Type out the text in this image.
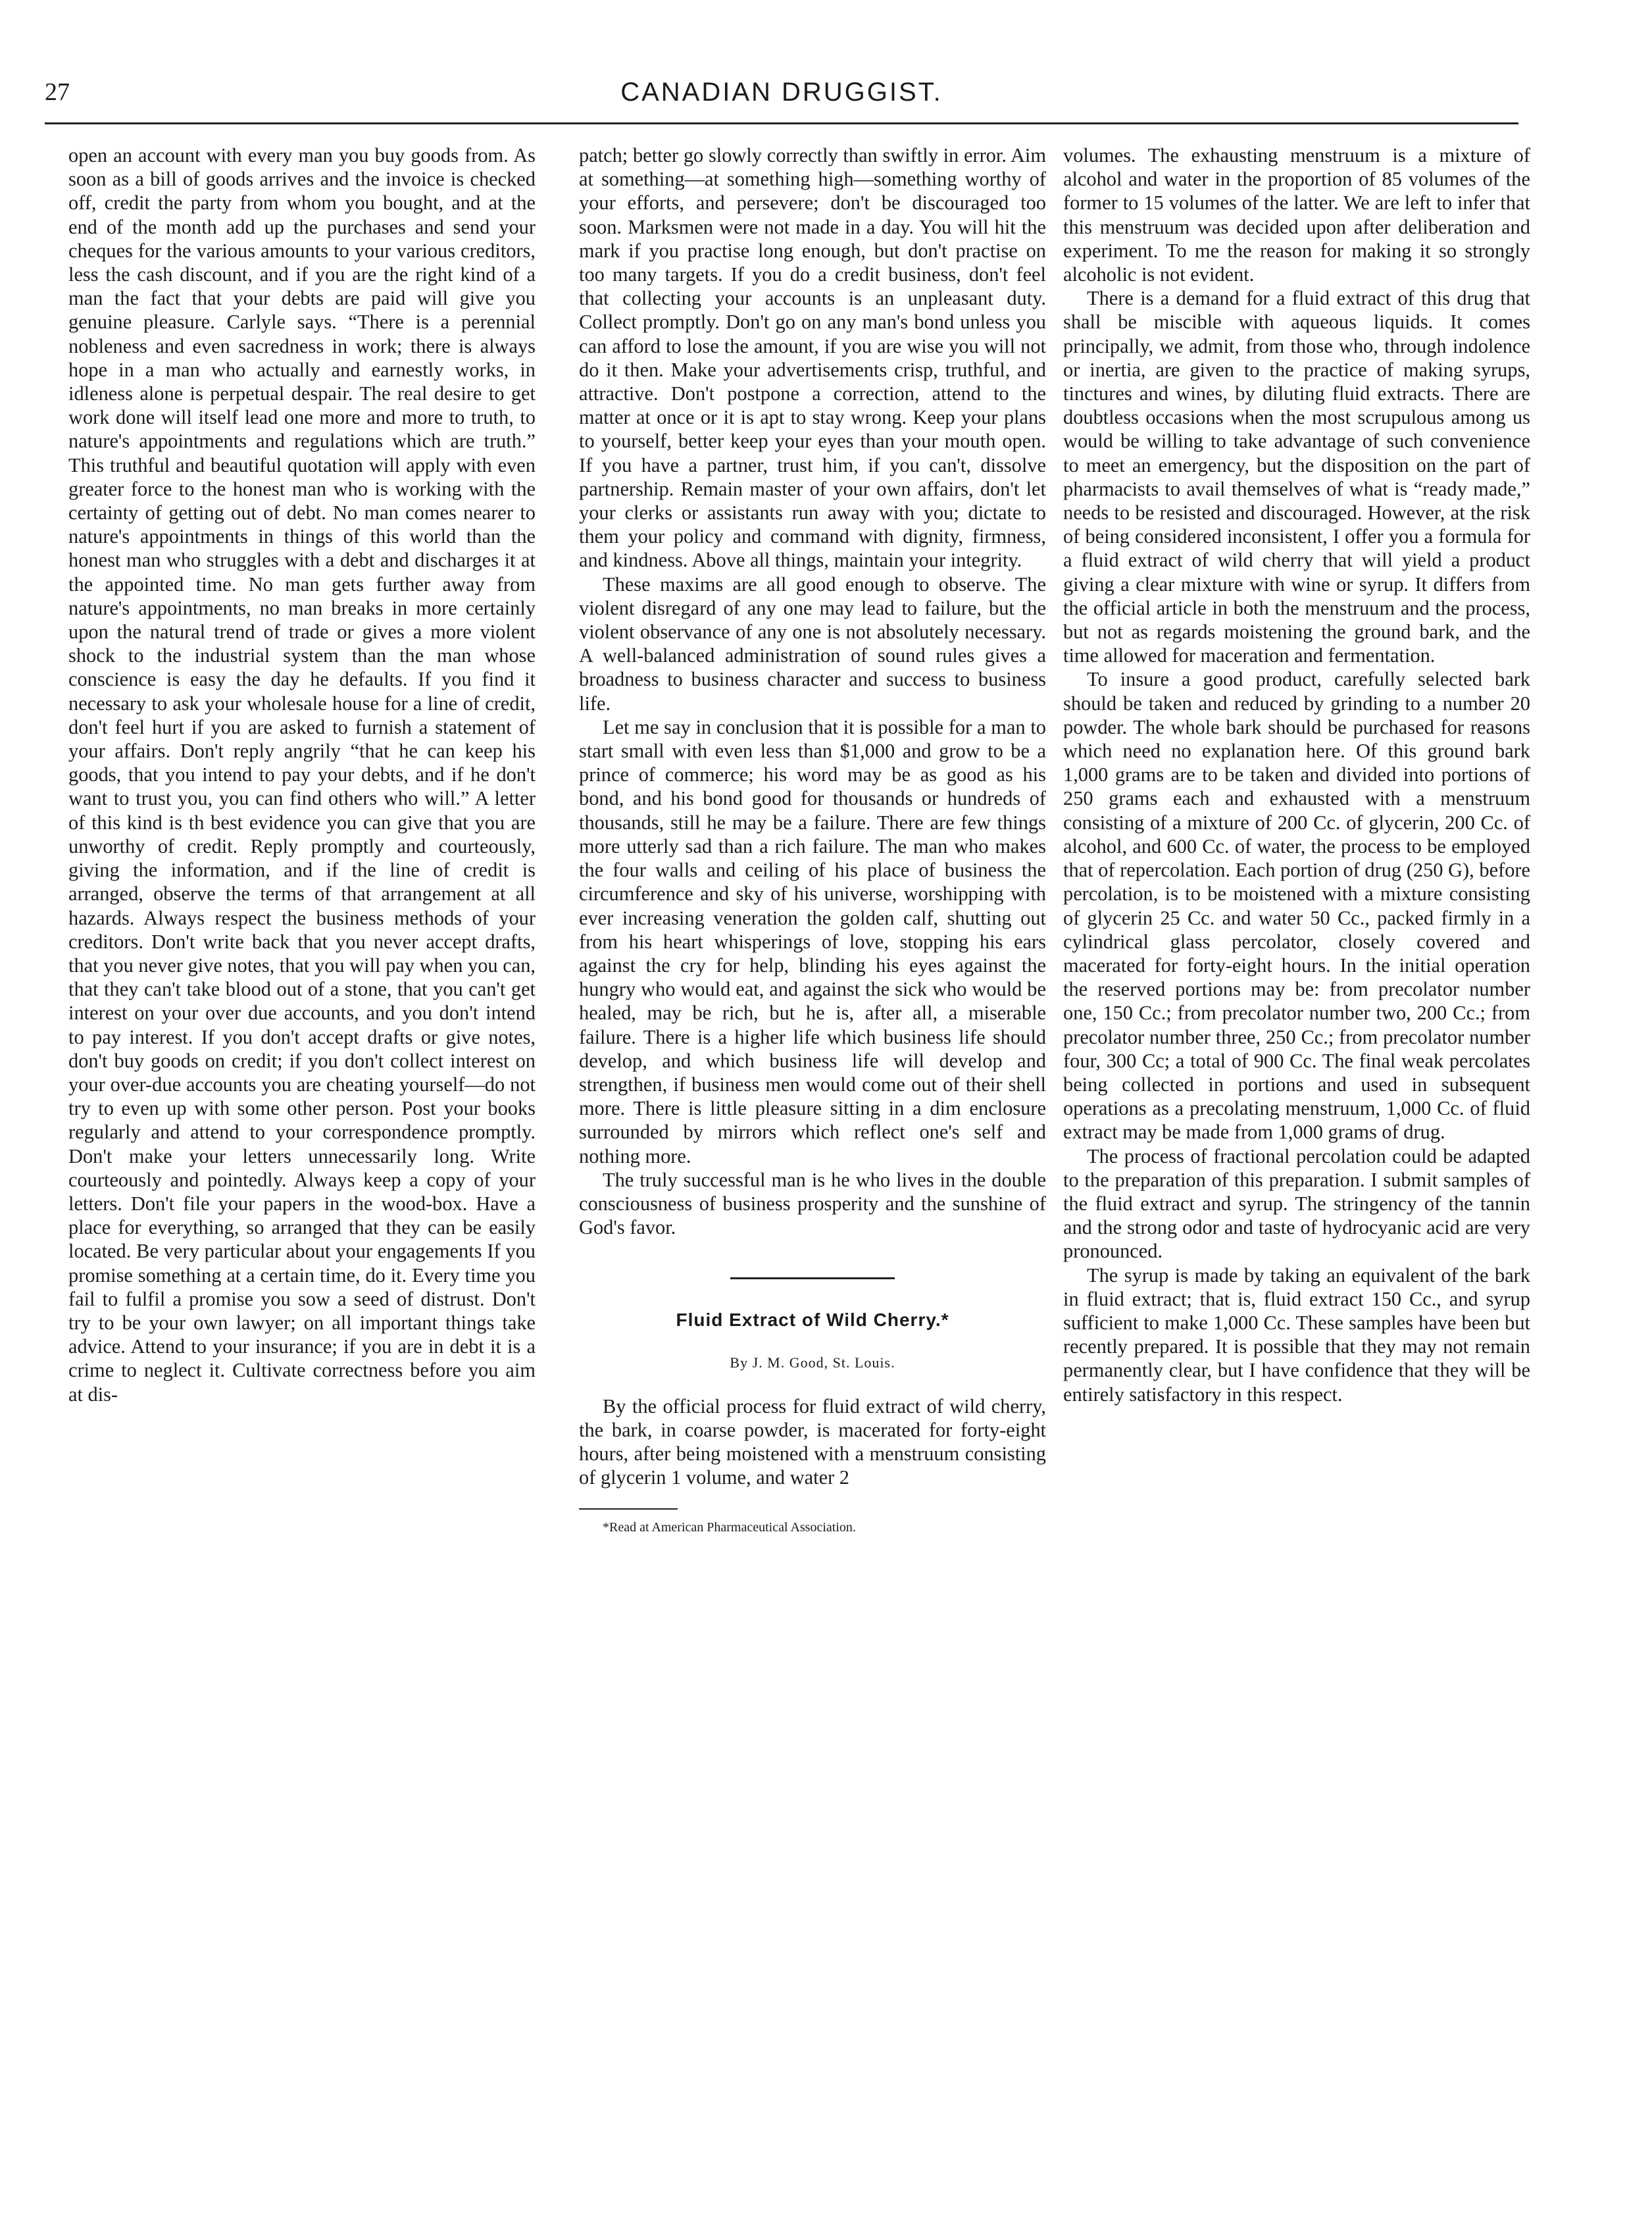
27	CANADIAN DRUGGIST.

open an account with every man you buy goods from. As soon as a bill of goods arrives and the invoice is checked off, credit the party from whom you bought, and at the end of the month add up the purchases and send your cheques for the various amounts to your various creditors, less the cash discount, and if you are the right kind of a man the fact that your debts are paid will give you genuine pleasure. Carlyle says. “There is a perennial nobleness and even sacredness in work; there is always hope in a man who actually and earnestly works, in idleness alone is perpetual despair. The real desire to get work done will itself lead one more and more to truth, to nature's appointments and regulations which are truth.” This truthful and beautiful quotation will apply with even greater force to the honest man who is working with the certainty of getting out of debt. No man comes nearer to nature's appointments in things of this world than the honest man who struggles with a debt and discharges it at the appointed time. No man gets further away from nature's appointments, no man breaks in more certainly upon the natural trend of trade or gives a more violent shock to the industrial system than the man whose conscience is easy the day he defaults. If you find it necessary to ask your wholesale house for a line of credit, don't feel hurt if you are asked to furnish a statement of your affairs. Don't reply angrily “that he can keep his goods, that you intend to pay your debts, and if he don't want to trust you, you can find others who will.” A letter of this kind is th best evidence you can give that you are unworthy of credit. Reply promptly and courteously, giving the information, and if the line of credit is arranged, observe the terms of that arrangement at all hazards. Always respect the business methods of your creditors. Don't write back that you never accept drafts, that you never give notes, that you will pay when you can, that they can't take blood out of a stone, that you can't get interest on your over due accounts, and you don't intend to pay interest. If you don't accept drafts or give notes, don't buy goods on credit; if you don't collect interest on your over-due accounts you are cheating yourself—do not try to even up with some other person. Post your books regularly and attend to your correspondence promptly. Don't make your letters unnecessarily long. Write courteously and pointedly. Always keep a copy of your letters. Don't file your papers in the wood-box. Have a place for everything, so arranged that they can be easily located. Be very particular about your engagements If you promise something at a certain time, do it. Every time you fail to fulfil a promise you sow a seed of distrust. Don't try to be your own lawyer; on all important things take advice. Attend to your insurance; if you are in debt it is a crime to neglect it. Cultivate correctness before you aim at dis-

patch; better go slowly correctly than swiftly in error. Aim at something—at something high—something worthy of your efforts, and persevere; don't be discouraged too soon. Marksmen were not made in a day. You will hit the mark if you practise long enough, but don't practise on too many targets. If you do a credit business, don't feel that collecting your accounts is an unpleasant duty. Collect promptly. Don't go on any man's bond unless you can afford to lose the amount, if you are wise you will not do it then. Make your advertisements crisp, truthful, and attractive. Don't postpone a correction, attend to the matter at once or it is apt to stay wrong. Keep your plans to yourself, better keep your eyes than your mouth open. If you have a partner, trust him, if you can't, dissolve partnership. Remain master of your own affairs, don't let your clerks or assistants run away with you; dictate to them your policy and command with dignity, firmness, and kindness. Above all things, maintain your integrity.

These maxims are all good enough to observe. The violent disregard of any one may lead to failure, but the violent observance of any one is not absolutely necessary. A well-balanced administration of sound rules gives a broadness to business character and success to business life.

Let me say in conclusion that it is possible for a man to start small with even less than $1,000 and grow to be a prince of commerce; his word may be as good as his bond, and his bond good for thousands or hundreds of thousands, still he may be a failure. There are few things more utterly sad than a rich failure. The man who makes the four walls and ceiling of his place of business the circumference and sky of his universe, worshipping with ever increasing veneration the golden calf, shutting out from his heart whisperings of love, stopping his ears against the cry for help, blinding his eyes against the hungry who would eat, and against the sick who would be healed, may be rich, but he is, after all, a miserable failure. There is a higher life which business life should develop, and which business life will develop and strengthen, if business men would come out of their shell more. There is little pleasure sitting in a dim enclosure surrounded by mirrors which reflect one's self and nothing more.

The truly successful man is he who lives in the double consciousness of business prosperity and the sunshine of God's favor.

Fluid Extract of Wild Cherry.*
By J. M. Good, St. Louis.

By the official process for fluid extract of wild cherry, the bark, in coarse powder, is macerated for forty-eight hours, after being moistened with a menstruum consisting of glycerin 1 volume, and water 2

*Read at American Pharmaceutical Association.

volumes. The exhausting menstruum is a mixture of alcohol and water in the proportion of 85 volumes of the former to 15 volumes of the latter. We are left to infer that this menstruum was decided upon after deliberation and experiment. To me the reason for making it so strongly alcoholic is not evident.

There is a demand for a fluid extract of this drug that shall be miscible with aqueous liquids. It comes principally, we admit, from those who, through indolence or inertia, are given to the practice of making syrups, tinctures and wines, by diluting fluid extracts. There are doubtless occasions when the most scrupulous among us would be willing to take advantage of such convenience to meet an emergency, but the disposition on the part of pharmacists to avail themselves of what is “ready made,” needs to be resisted and discouraged. However, at the risk of being considered inconsistent, I offer you a formula for a fluid extract of wild cherry that will yield a product giving a clear mixture with wine or syrup. It differs from the official article in both the menstruum and the process, but not as regards moistening the ground bark, and the time allowed for maceration and fermentation.

To insure a good product, carefully selected bark should be taken and reduced by grinding to a number 20 powder. The whole bark should be purchased for reasons which need no explanation here. Of this ground bark 1,000 grams are to be taken and divided into portions of 250 grams each and exhausted with a menstruum consisting of a mixture of 200 Cc. of glycerin, 200 Cc. of alcohol, and 600 Cc. of water, the process to be employed that of repercolation. Each portion of drug (250 G), before percolation, is to be moistened with a mixture consisting of glycerin 25 Cc. and water 50 Cc., packed firmly in a cylindrical glass percolator, closely covered and macerated for forty-eight hours. In the initial operation the reserved portions may be: from precolator number one, 150 Cc.; from precolator number two, 200 Cc.; from precolator number three, 250 Cc.; from precolator number four, 300 Cc; a total of 900 Cc. The final weak percolates being collected in portions and used in subsequent operations as a precolating menstruum, 1,000 Cc. of fluid extract may be made from 1,000 grams of drug.

The process of fractional percolation could be adapted to the preparation of this preparation. I submit samples of the fluid extract and syrup. The stringency of the tannin and the strong odor and taste of hydrocyanic acid are very pronounced.

The syrup is made by taking an equivalent of the bark in fluid extract; that is, fluid extract 150 Cc., and syrup sufficient to make 1,000 Cc. These samples have been but recently prepared. It is possible that they may not remain permanently clear, but I have confidence that they will be entirely satisfactory in this respect.
